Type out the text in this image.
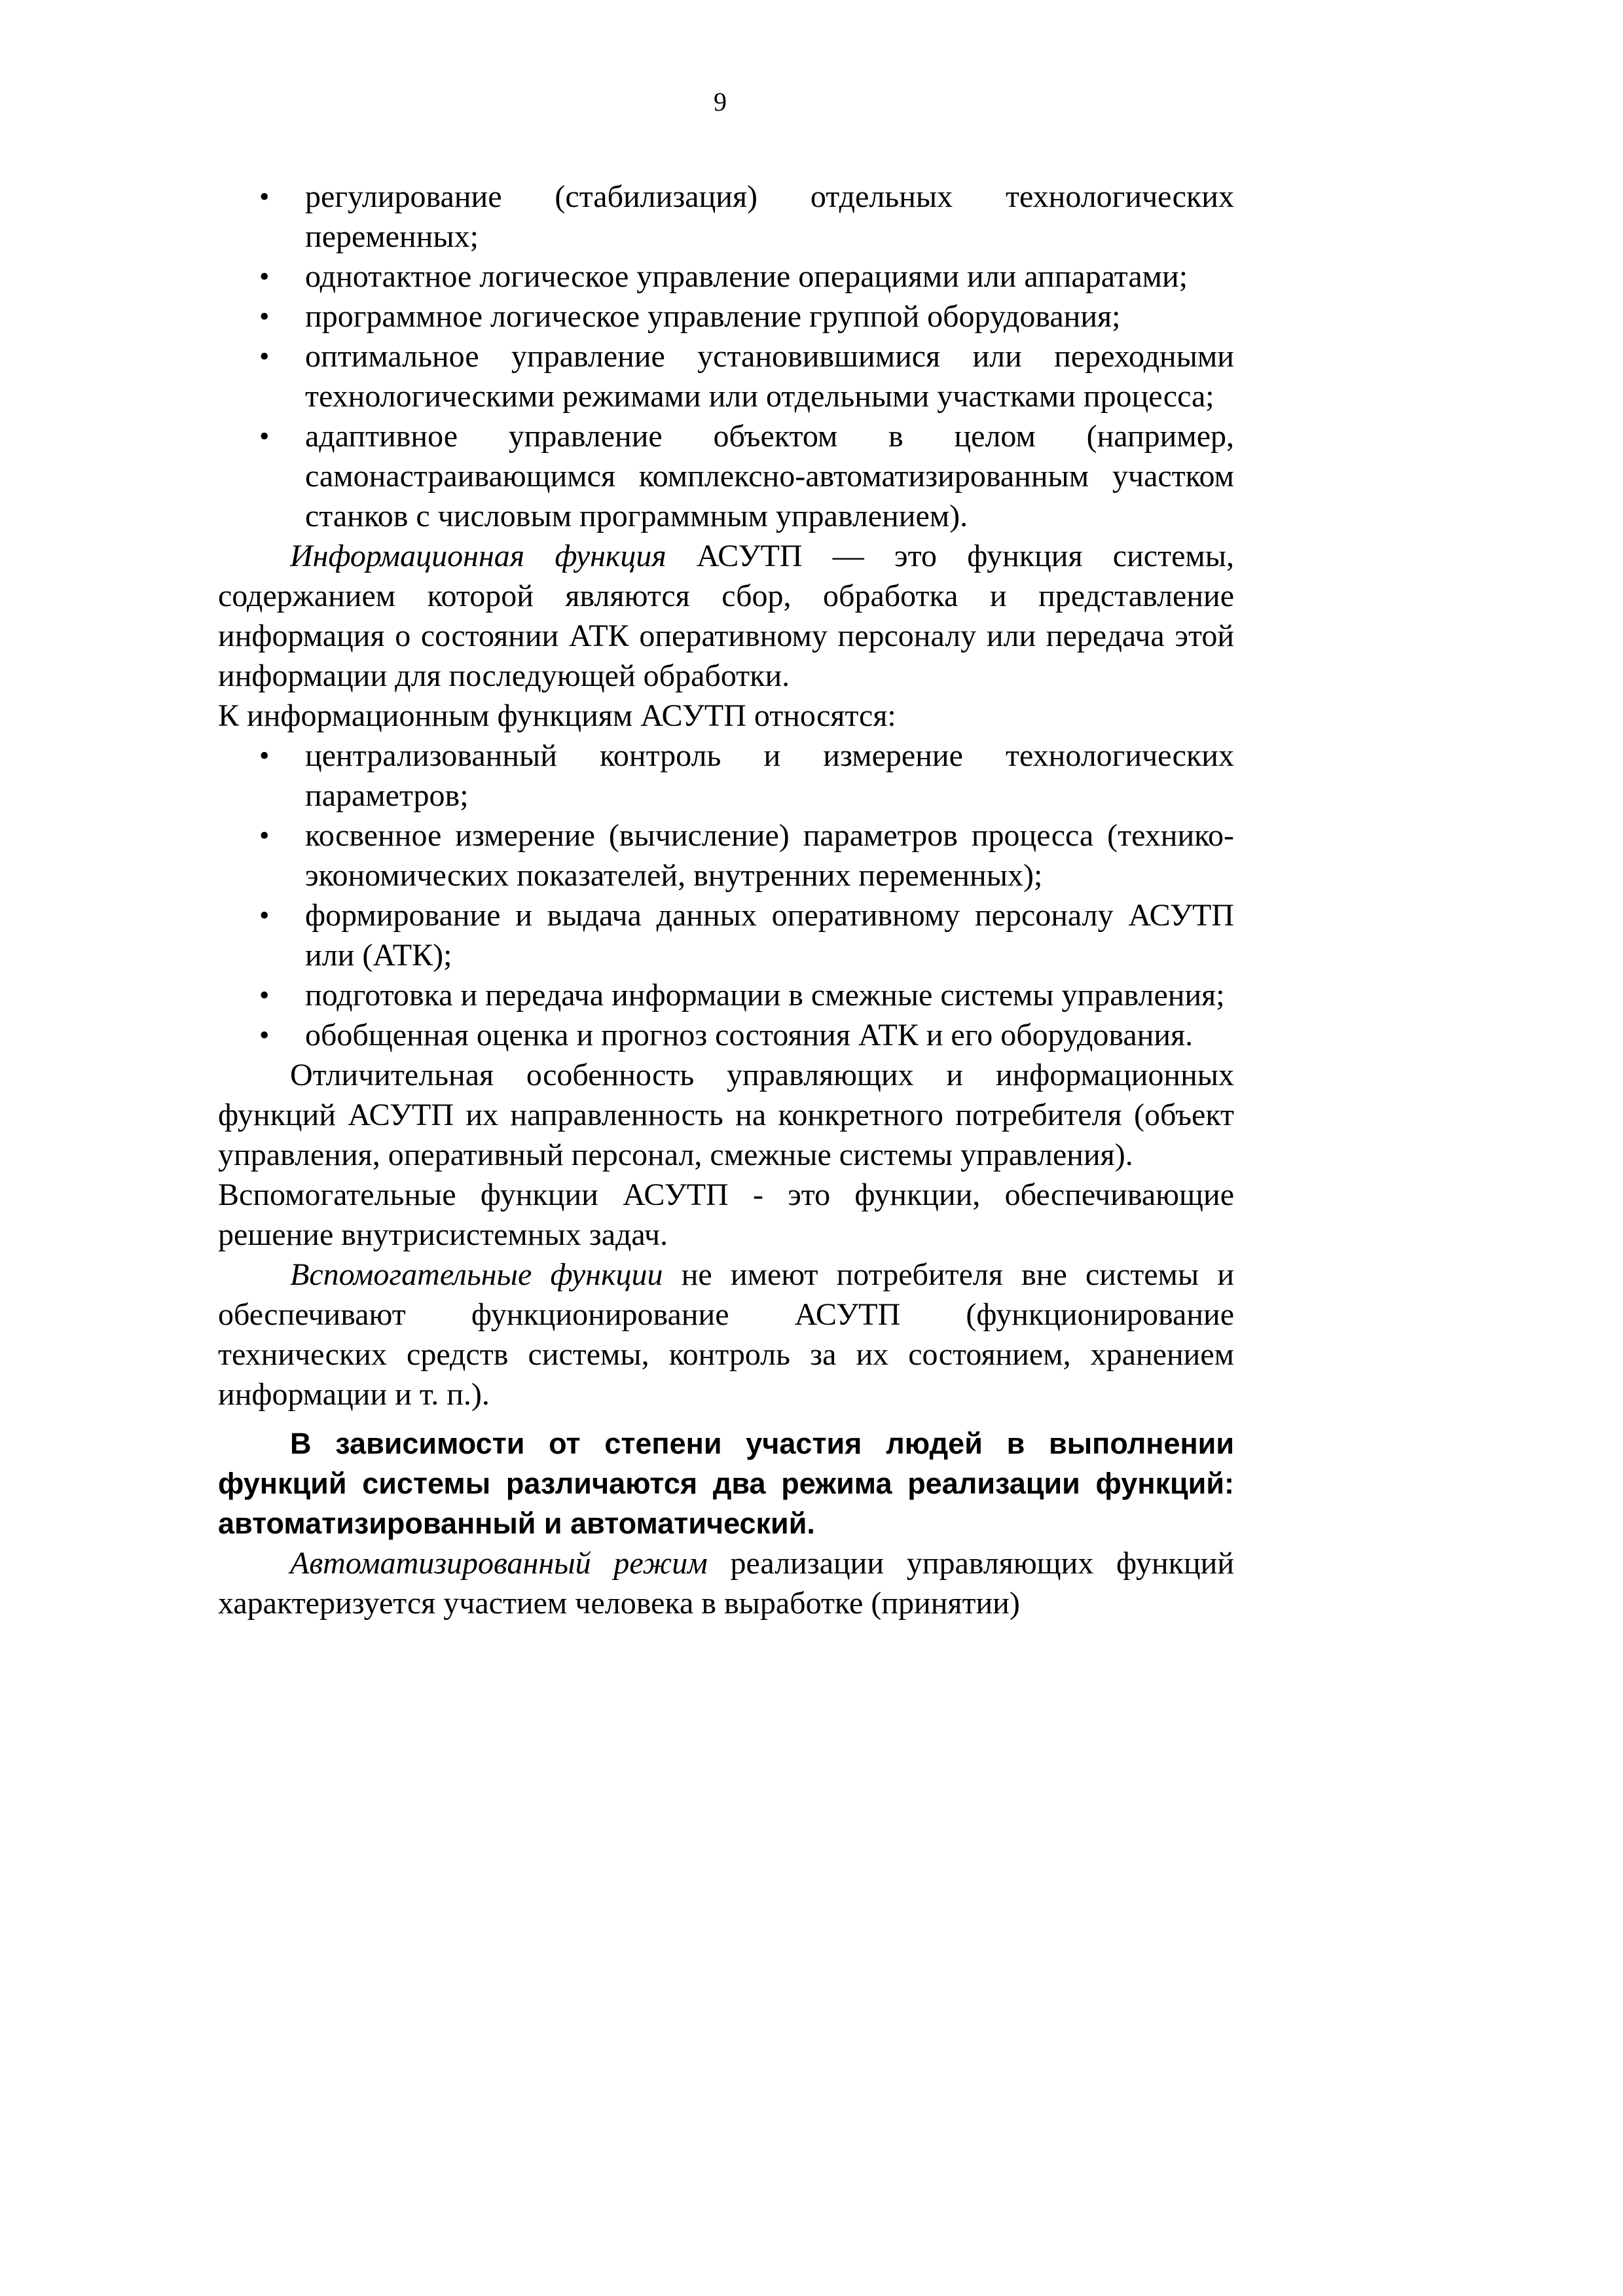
9
• регулирование (стабилизация) отдельных технологических переменных;
• однотактное логическое управление операциями или аппаратами;
• программное логическое управление группой оборудования;
• оптимальное управление установившимися или переходными технологическими режимами или отдельными участками процесса;
• адаптивное управление объектом в целом (например, самонастраивающимся комплексно-автоматизированным участком станков с числовым программным управлением).

Информационная функция АСУТП — это функция системы, содержанием которой являются сбор, обработка и представление информация о состоянии АТК оперативному персоналу или передача этой информации для последующей обработки.

К информационным функциям АСУТП относятся:

• централизованный контроль и измерение технологических параметров;
• косвенное измерение (вычисление) параметров процесса (технико-экономических показателей, внутренних переменных);
• формирование и выдача данных оперативному персоналу АСУТП или (АТК);
• подготовка и передача информации в смежные системы управления;
• обобщенная оценка и прогноз состояния АТК и его оборудования.

Отличительная особенность управляющих и информационных функций АСУТП их направленность на конкретного потребителя (объект управления, оперативный персонал, смежные системы управления).

Вспомогательные функции АСУТП - это функции, обеспечивающие решение внутрисистемных задач.

Вспомогательные функции не имеют потребителя вне системы и обеспечивают функционирование АСУТП (функционирование технических средств системы, контроль за их состоянием, хранением информации и т. п.).

В зависимости от степени участия людей в выполнении функций системы различаются два режима реализации функций: автоматизированный и автоматический.

Автоматизированный режим реализации управляющих функций характеризуется участием человека в выработке (принятии)
